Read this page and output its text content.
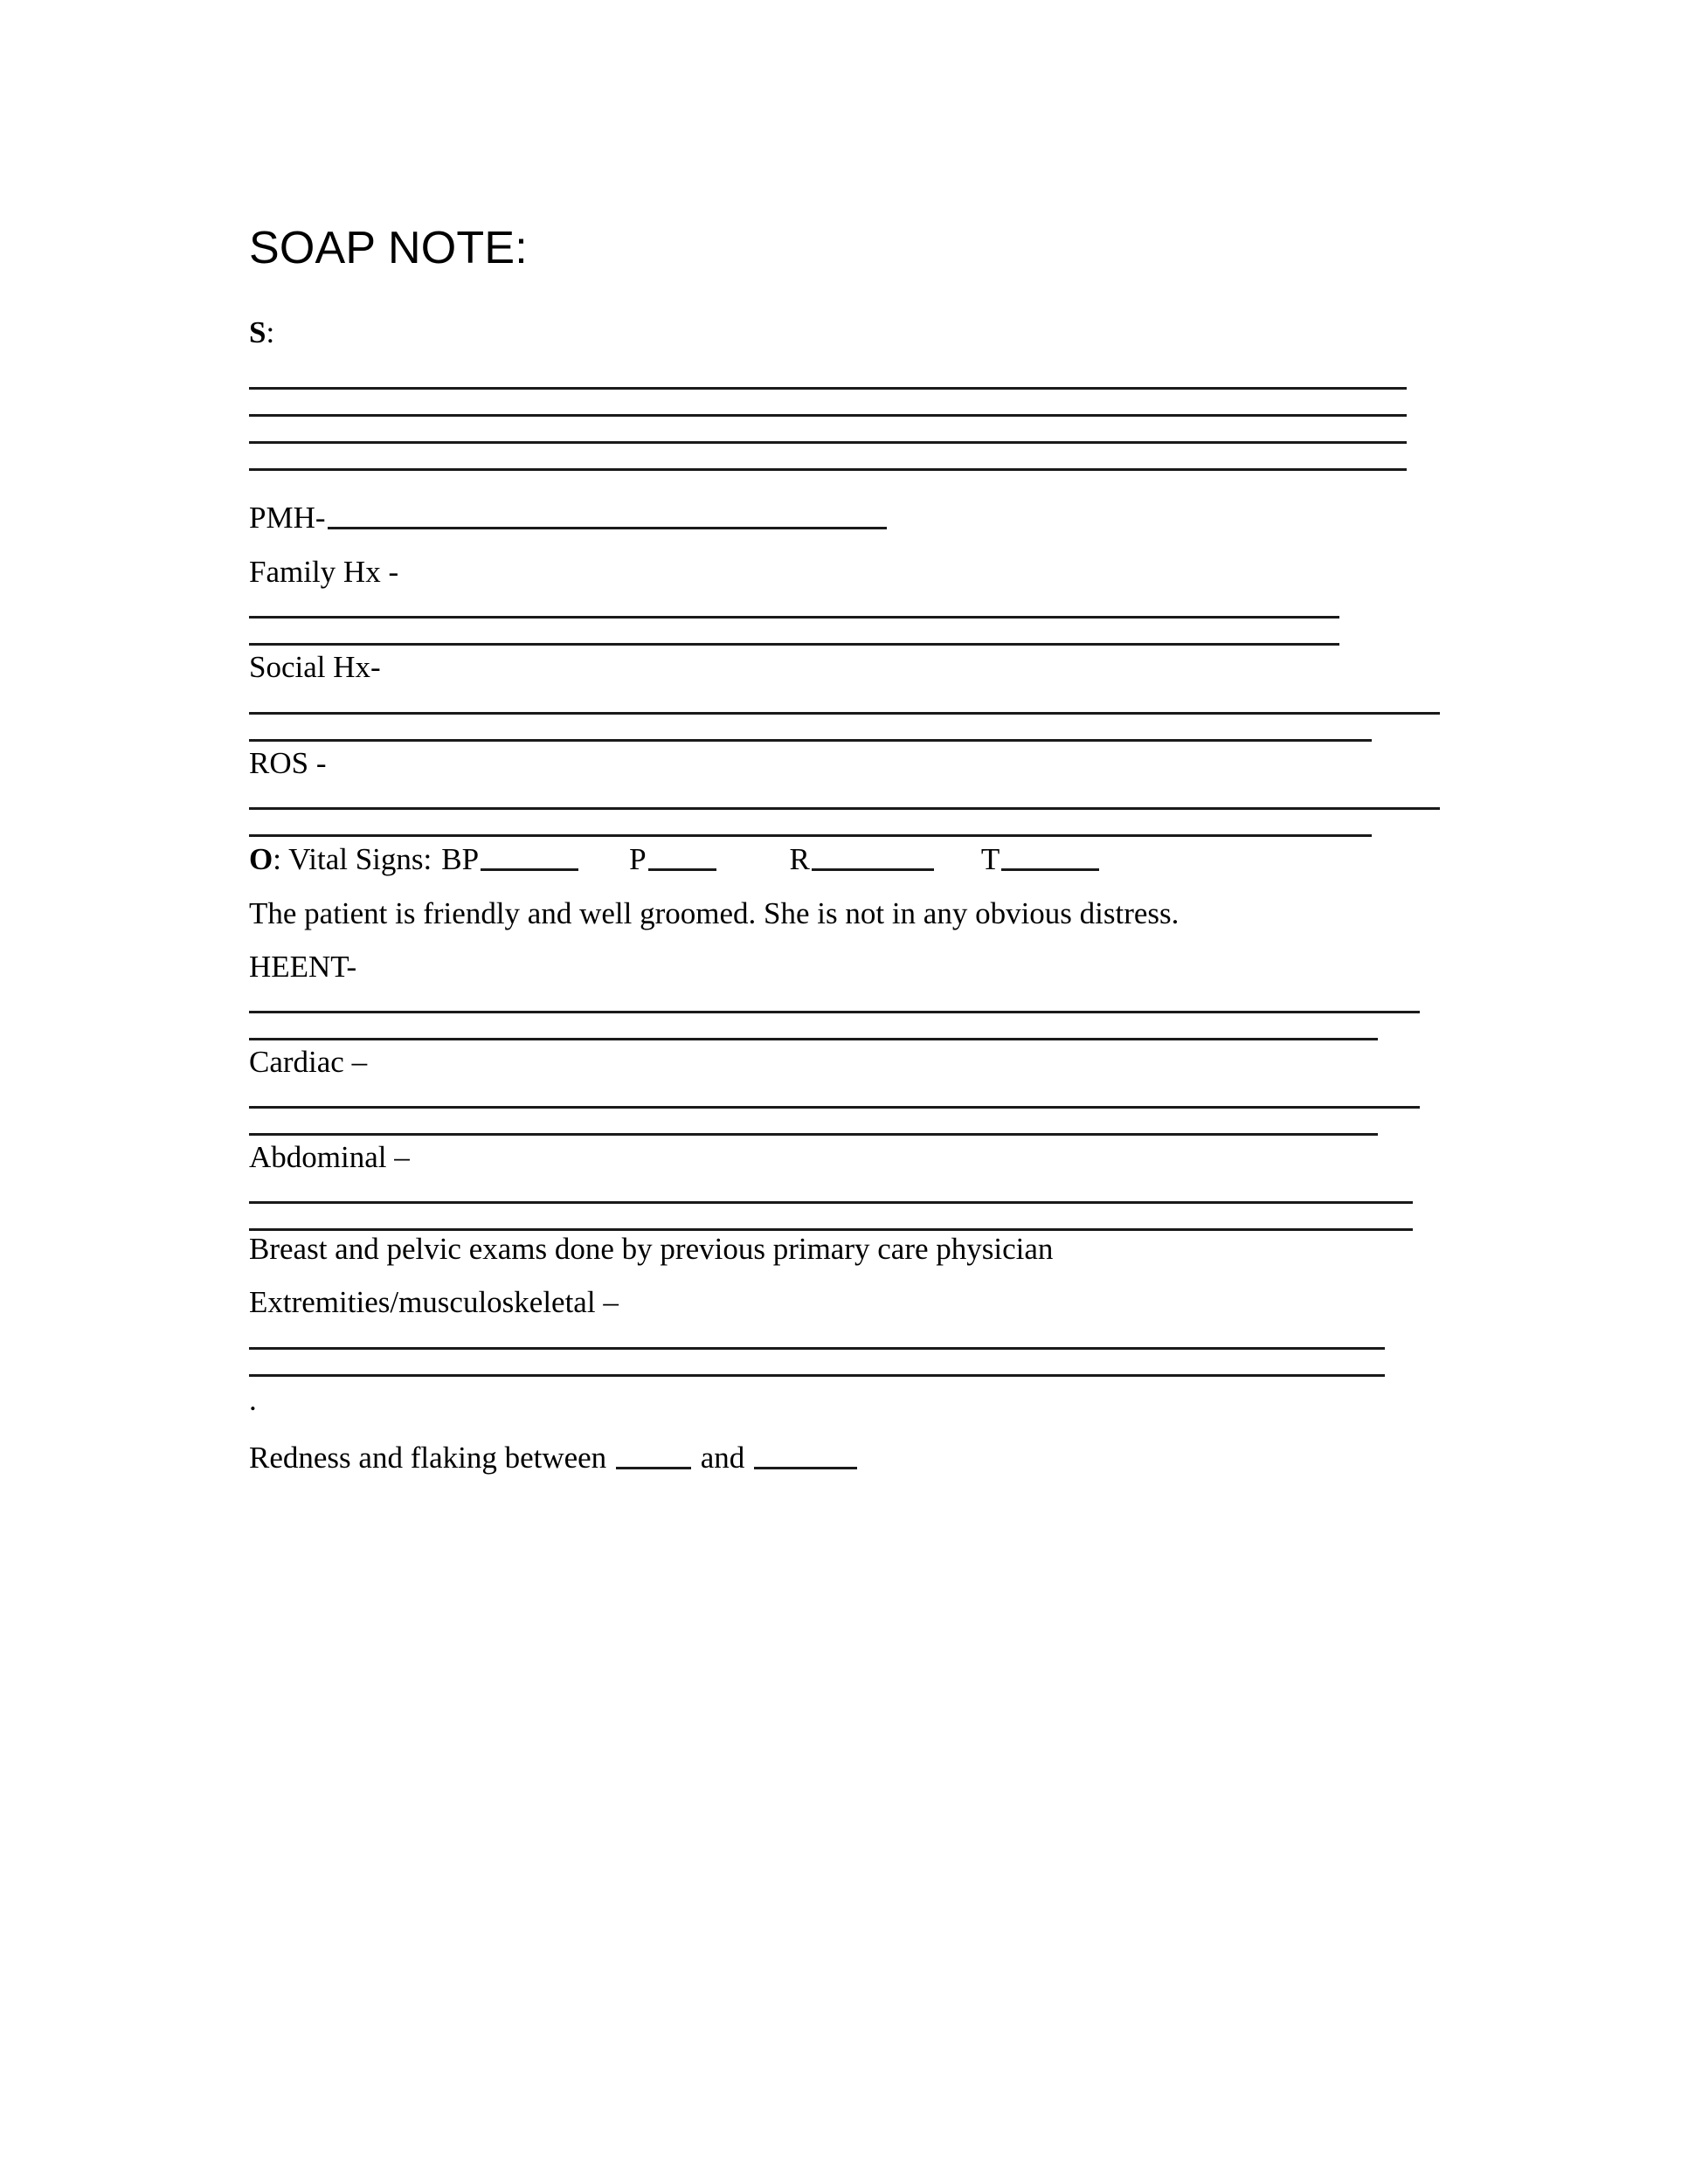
SOAP NOTE:

S:

PMH-

Family Hx -

Social Hx-

ROS -

O: Vital Signs: BP	P	R	T

The patient is friendly and well groomed. She is not in any obvious distress.

HEENT-

Cardiac –

Abdominal –

Breast and pelvic exams done by previous primary care physician

Extremities/musculoskeletal –

.

Redness and flaking between	and
